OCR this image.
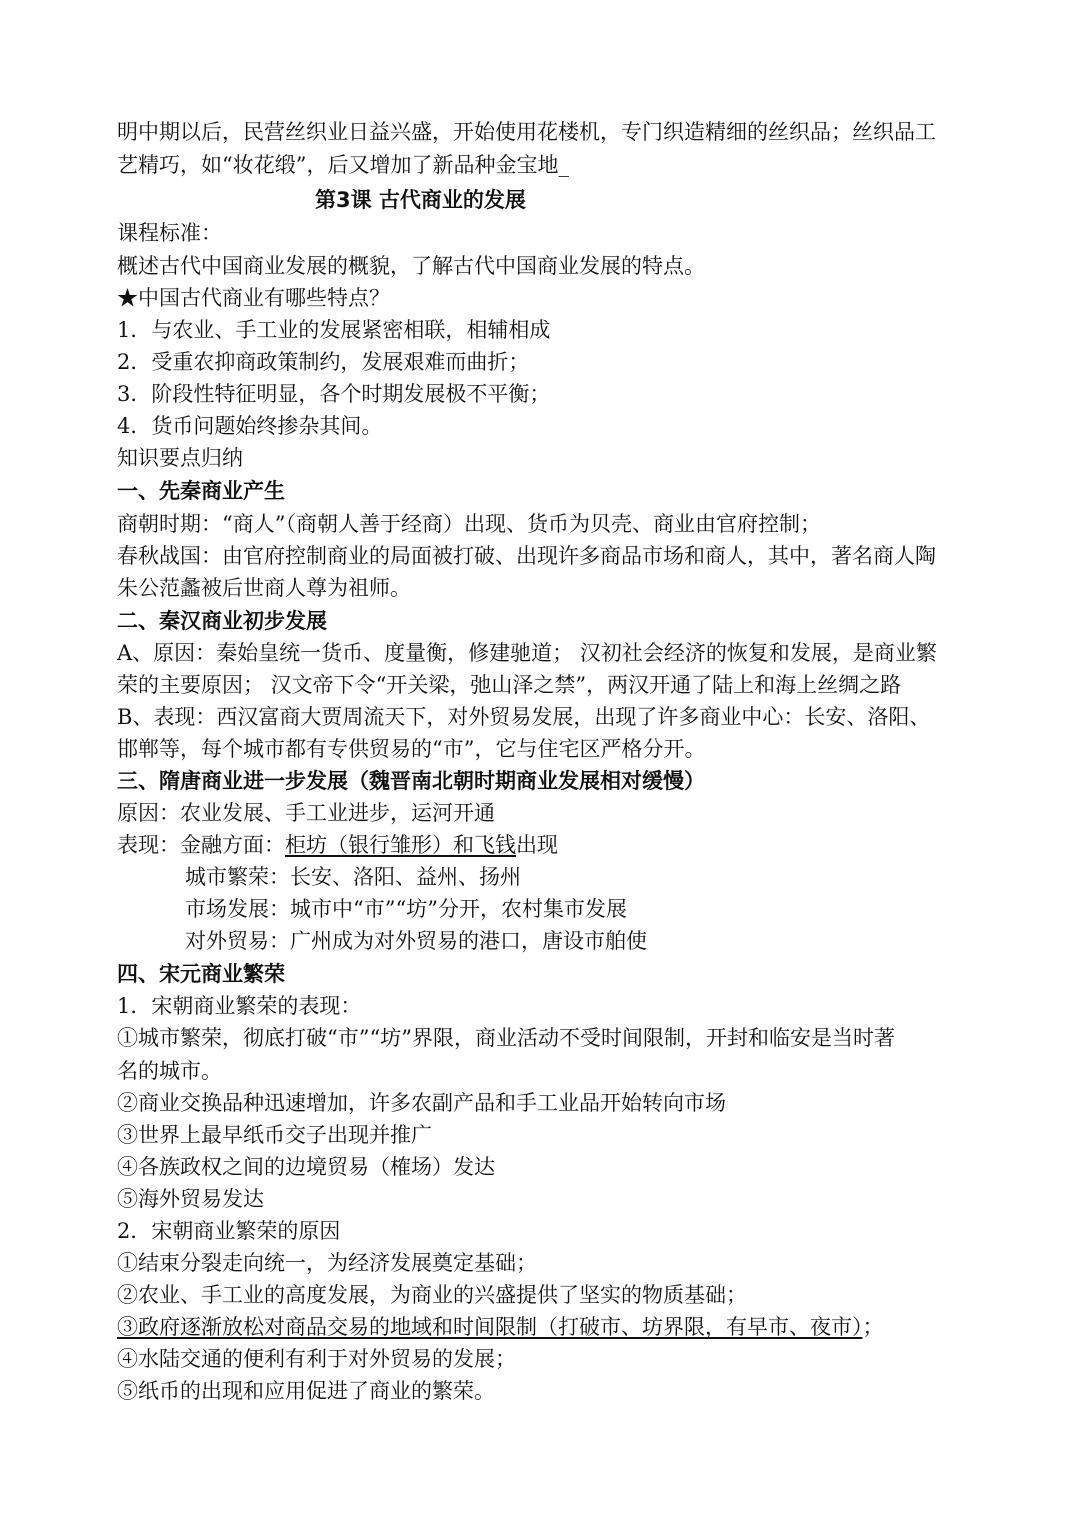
明中期以后，民营丝织业日益兴盛，开始使用花楼机，专门织造精细的丝织品；丝织品工
艺精巧，如“妆花缎”，后又增加了新品种金宝地_
第3课 古代商业的发展
课程标准：
概述古代中国商业发展的概貌，了解古代中国商业发展的特点。
★中国古代商业有哪些特点？
1．与农业、手工业的发展紧密相联，相辅相成
2．受重农抑商政策制约，发展艰难而曲折；
3．阶段性特征明显，各个时期发展极不平衡；
4．货币问题始终掺杂其间。
知识要点归纳
一、先秦商业产生
商朝时期：“商人”（商朝人善于经商）出现、货币为贝壳、商业由官府控制；
春秋战国：由官府控制商业的局面被打破、出现许多商品市场和商人，其中，著名商人陶
朱公范蠡被后世商人尊为祖师。
二、秦汉商业初步发展
A、原因：秦始皇统一货币、度量衡，修建驰道； 汉初社会经济的恢复和发展，是商业繁
荣的主要原因； 汉文帝下令“开关梁，弛山泽之禁”，两汉开通了陆上和海上丝绸之路
B、表现：西汉富商大贾周流天下，对外贸易发展，出现了许多商业中心：长安、洛阳、
邯郸等，每个城市都有专供贸易的“市”，它与住宅区严格分开。
三、隋唐商业进一步发展（魏晋南北朝时期商业发展相对缓慢）
原因：农业发展、手工业进步，运河开通
表现：金融方面：柜坊（银行雏形）和飞钱出现
城市繁荣：长安、洛阳、益州、扬州
市场发展：城市中“市”“坊”分开，农村集市发展
对外贸易：广州成为对外贸易的港口，唐设市舶使
四、宋元商业繁荣
1．宋朝商业繁荣的表现：
①城市繁荣，彻底打破“市”“坊”界限，商业活动不受时间限制，开封和临安是当时著
名的城市。
②商业交换品种迅速增加，许多农副产品和手工业品开始转向市场
③世界上最早纸币交子出现并推广
④各族政权之间的边境贸易（榷场）发达
⑤海外贸易发达
2．宋朝商业繁荣的原因
①结束分裂走向统一，为经济发展奠定基础；
②农业、手工业的高度发展，为商业的兴盛提供了坚实的物质基础；
③政府逐渐放松对商品交易的地域和时间限制（打破市、坊界限，有早市、夜市）；
④水陆交通的便利有利于对外贸易的发展；
⑤纸币的出现和应用促进了商业的繁荣。
